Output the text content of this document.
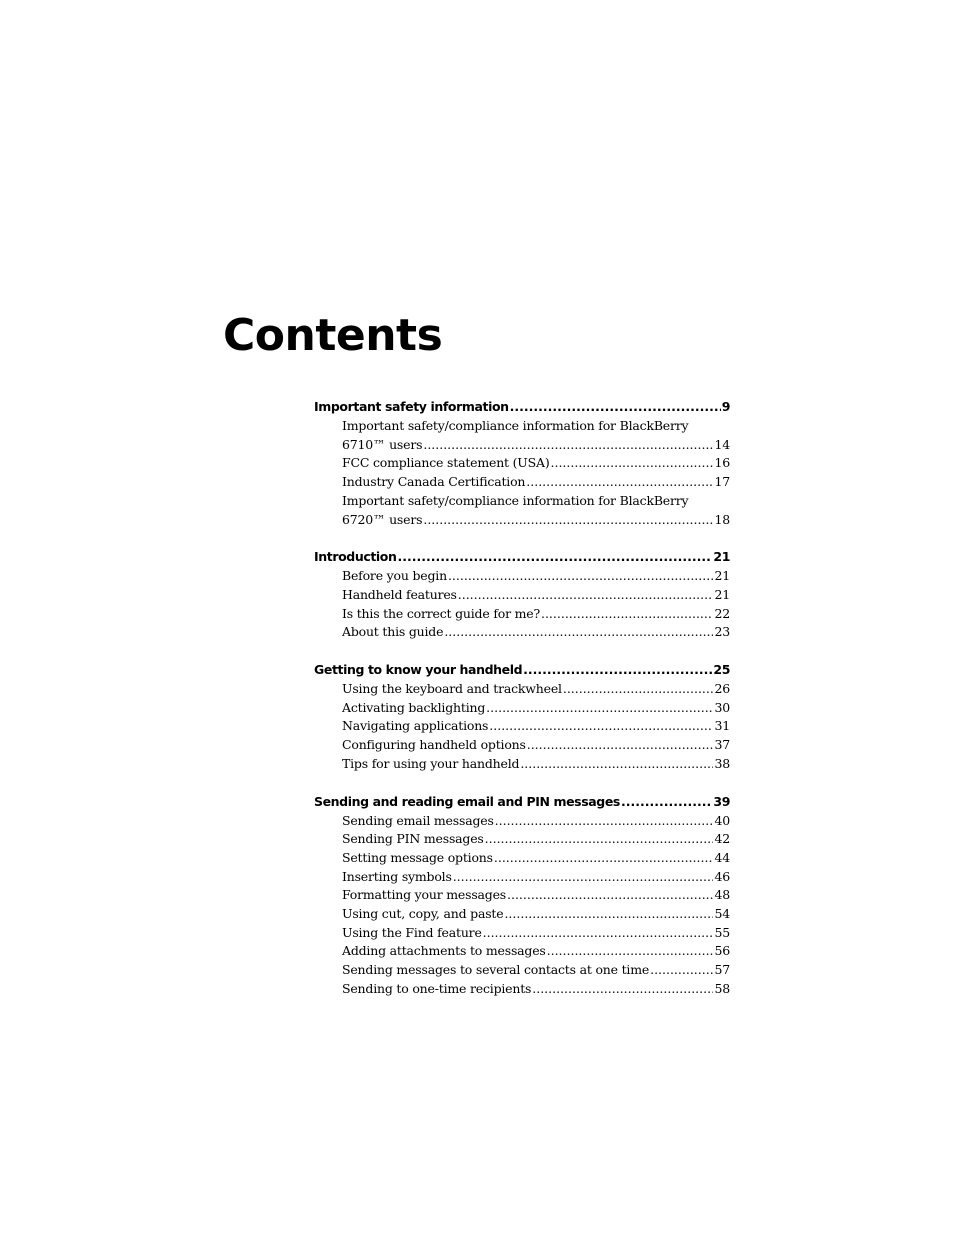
Contents
Important safety information .....	9
Important safety/compliance information for BlackBerry
6710™ users .....	14
FCC compliance statement (USA) .....	16
Industry Canada Certification .....	17
Important safety/compliance information for BlackBerry
6720™ users .....	18
Introduction .....	21
Before you begin .....	21
Handheld features .....	21
Is this the correct guide for me? .....	22
About this guide .....	23
Getting to know your handheld .....	25
Using the keyboard and trackwheel .....	26
Activating backlighting .....	30
Navigating applications .....	31
Configuring handheld options .....	37
Tips for using your handheld .....	38
Sending and reading email and PIN messages .....	39
Sending email messages .....	40
Sending PIN messages .....	42
Setting message options .....	44
Inserting symbols .....	46
Formatting your messages .....	48
Using cut, copy, and paste .....	54
Using the Find feature .....	55
Adding attachments to messages .....	56
Sending messages to several contacts at one time .....	57
Sending to one-time recipients .....	58
